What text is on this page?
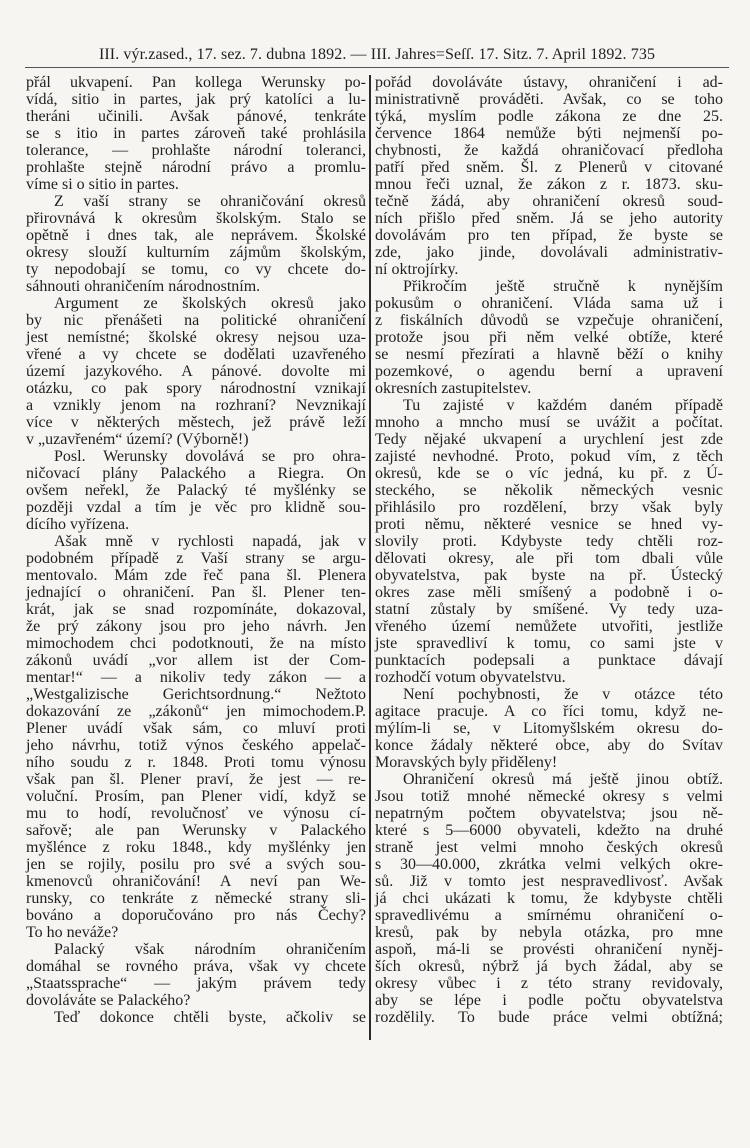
III. výr.zased., 17. sez. 7. dubna 1892. — III. Jahres=Seſſ. 17. Sitz. 7. April 1892. 735
přál ukvapení. Pan kollega Werunsky po-
vídá, sitio in partes, jak prý katolíci a lu-
theráni učinili. Avšak pánové, tenkráte
se s itio in partes zároveň také prohlásila
tolerance, — prohlašte národní toleranci,
prohlašte stejně národní právo a promlu-
víme si o sitio in partes.
Z vaší strany se ohraničování okresů
přirovnává k okresům školským. Stalo se
opětně i dnes tak, ale neprávem. Školské
okresy slouží kulturním zájmům školským,
ty nepodobají se tomu, co vy chcete do-
sáhnouti ohraničením národnostním.
Argument ze školských okresů jako
by nic přenášeti na politické ohraničení
jest nemístné; školské okresy nejsou uza-
vřené a vy chcete se dodělati uzavřeného
území jazykového. A pánové. dovolte mi
otázku, co pak spory národnostní vznikají
a vznikly jenom na rozhraní? Nevznikají
více v některých městech, jež právě leží
v „uzavřeném“ území? (Výborně!)
Posl. Werunsky dovolává se pro ohra-
ničovací plány Palackého a Riegra. On
ovšem neřekl, že Palacký té myšlénky se
později vzdal a tím je věc pro klidně sou-
dícího vyřízena.
Ašak mně v rychlosti napadá, jak v
podobném případě z Vaší strany se argu-
mentovalo. Mám zde řeč pana šl. Plenera
jednající o ohraničení. Pan šl. Plener ten-
krát, jak se snad rozpomínáte, dokazoval,
že prý zákony jsou pro jeho návrh. Jen
mimochodem chci podotknouti, že na místo
zákonů uvádí „vor allem ist der Com-
mentar!“ — a nikoliv tedy zákon — a
„Westgalizische Gerichtsordnung.“ Nežtoto
dokazování ze „zákonů“ jen mimochodem.P.
Plener uvádí však sám, co mluví proti
jeho návrhu, totiž výnos českého appelač-
ního soudu z r. 1848. Proti tomu výnosu
však pan šl. Plener praví, že jest — re-
voluční. Prosím, pan Plener vidí, když se
mu to hodí, revolučnosť ve výnosu cí-
sařově; ale pan Werunsky v Palackého
myšlénce z roku 1848., kdy myšlénky jen
jen se rojily, posilu pro své a svých sou-
kmenovců ohraničování! A neví pan We-
runsky, co tenkráte z německé strany sli-
bováno a doporučováno pro nás Čechy?
To ho neváže?
Palacký však národním ohraničením
domáhal se rovného práva, však vy chcete
„Staatssprache“ — jakým právem tedy
dovoláváte se Palackého?
Teď dokonce chtěli byste, ačkoliv se
pořád dovoláváte ústavy, ohraničení i ad-
ministrativně prováděti. Avšak, co se toho
týká, myslím podle zákona ze dne 25.
července 1864 nemůže býti nejmenší po-
chybnosti, že každá ohraničovací předloha
patří před sněm. Šl. z Plenerů v citované
mnou řeči uznal, že zákon z r. 1873. sku-
tečně žádá, aby ohraničení okresů soud-
ních přišlo před sněm. Já se jeho autority
dovolávám pro ten případ, že byste se
zde, jako jinde, dovolávali administrativ-
ní oktrojírky.
Přikročím ještě stručně k nynějším
pokusům o ohraničení. Vláda sama už i
z fiskálních důvodů se vzpečuje ohraničení,
protože jsou při něm velké obtíže, které
se nesmí přezírati a hlavně běží o knihy
pozemkové, o agendu berní a upravení
okresních zastupitelstev.
Tu zajisté v každém daném případě
mnoho a mncho musí se uvážit a počítat.
Tedy nějaké ukvapení a urychlení jest zde
zajisté nevhodné. Proto, pokud vím, z těch
okresů, kde se o víc jedná, ku př. z Ú-
steckého, se několik německých vesnic
přihlásilo pro rozdělení, brzy však byly
proti němu, některé vesnice se hned vy-
slovily proti. Kdybyste tedy chtěli roz-
dělovati okresy, ale při tom dbali vůle
obyvatelstva, pak byste na př. Ústecký
okres zase měli smíšený a podobně i o-
statní zůstaly by smíšené. Vy tedy uza-
vřeného území nemůžete utvořiti, jestliže
jste spravedliví k tomu, co sami jste v
punktacích podepsali a punktace dávají
rozhodčí votum obyvatelstvu.
Není pochybnosti, že v otázce této
agitace pracuje. A co říci tomu, když ne-
mýlím-li se, v Litomyšlském okresu do-
konce žádaly některé obce, aby do Svítav
Moravských byly přiděleny!
Ohraničení okresů má ještě jinou obtíž.
Jsou totiž mnohé německé okresy s velmi
nepatrným počtem obyvatelstva; jsou ně-
které s 5—6000 obyvateli, kdežto na druhé
straně jest velmi mnoho českých okresů
s 30—40.000, zkrátka velmi velkých okre-
sů. Již v tomto jest nespravedlivosť. Avšak
já chci ukázati k tomu, že kdybyste chtěli
spravedlivému a smírnému ohraničení o-
kresů, pak by nebyla otázka, pro mne
aspoň, má-li se provésti ohraničení nyněj-
ších okresů, nýbrž já bych žádal, aby se
okresy vůbec i z této strany revidovaly,
aby se lépe i podle počtu obyvatelstva
rozdělily. To bude práce velmi obtížná;
